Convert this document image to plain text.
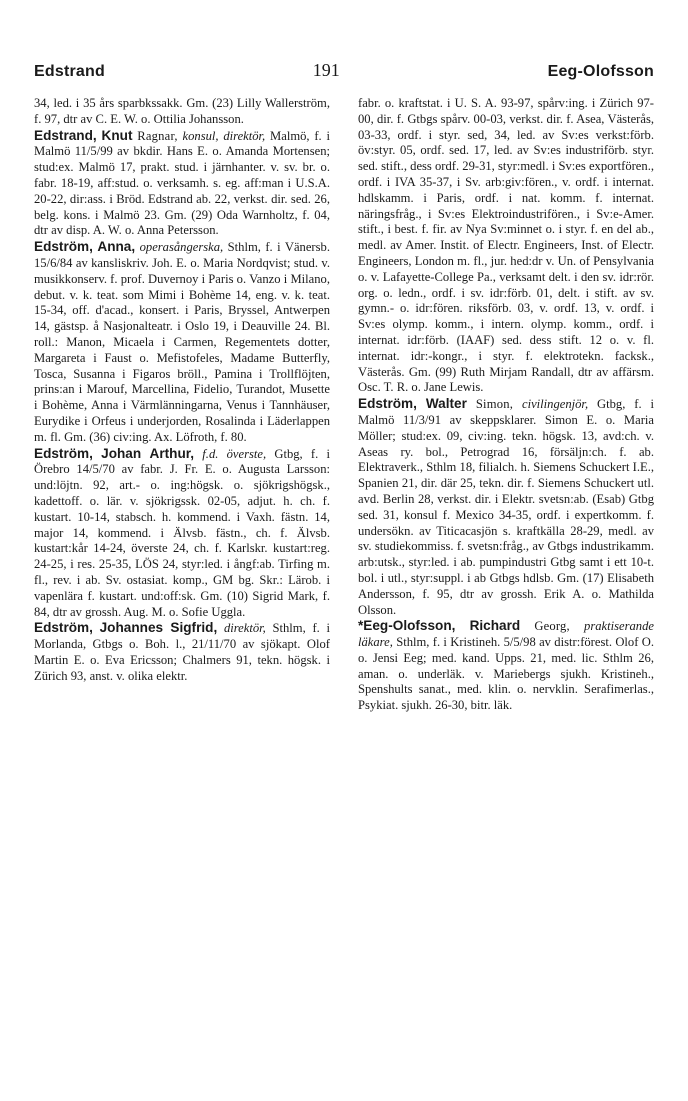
Edstrand	191	Eeg-Olofsson

34, led. i 35 års sparbkssakk. Gm. (23) Lilly Wallerström, f. 97, dtr av C. E. W. o. Ottilia Johansson.

Edstrand, Knut Ragnar, konsul, direktör, Malmö, f. i Malmö 11/5/99 av bkdir. Hans E. o. Amanda Mortensen; stud:ex. Malmö 17, prakt. stud. i järnhanter. v. sv. br. o. fabr. 18-19, aff:stud. o. verksamh. s. eg. aff:man i U.S.A. 20-22, dir:ass. i Bröd. Edstrand ab. 22, verkst. dir. sed. 26, belg. kons. i Malmö 23. Gm. (29) Oda Warnholtz, f. 04, dtr av disp. A. W. o. Anna Petersson.

Edström, Anna, operasångerska, Sthlm, f. i Vänersb. 15/6/84 av kansliskriv. Joh. E. o. Maria Nordqvist; stud. v. musikkonserv. f. prof. Duvernoy i Paris o. Vanzo i Milano, debut. v. k. teat. som Mimi i Bohème 14, eng. v. k. teat. 15-34, off. d'acad., konsert. i Paris, Bryssel, Antwerpen 14, gästsp. å Nasjonalteatr. i Oslo 19, i Deauville 24. Bl. roll.: Manon, Micaela i Carmen, Regementets dotter, Margareta i Faust o. Mefistofeles, Madame Butterfly, Tosca, Susanna i Figaros bröll., Pamina i Trollflöjten, prins:an i Marouf, Marcellina, Fidelio, Turandot, Musette i Bohème, Anna i Värmlänningarna, Venus i Tannhäuser, Eurydike i Orfeus i underjorden, Rosalinda i Läderlappen m. fl. Gm. (36) civ:ing. Ax. Löfroth, f. 80.

Edström, Johan Arthur, f.d. överste, Gtbg, f. i Örebro 14/5/70 av fabr. J. Fr. E. o. Augusta Larsson: und:löjtn. 92, art.- o. ing:högsk. o. sjökrigshögsk., kadettoff. o. lär. v. sjökrigssk. 02-05, adjut. h. ch. f. kustart. 10-14, stabsch. h. kommend. i Vaxh. fästn. 14, major 14, kommend. i Älvsb. fästn., ch. f. Älvsb. kustart:kår 14-24, överste 24, ch. f. Karlskr. kustart:reg. 24-25, i res. 25-35, LÖS 24, styr:led. i ångf:ab. Tirfing m. fl., rev. i ab. Sv. ostasiat. komp., GM bg. Skr.: Lärob. i vapenlära f. kustart. und:off:sk. Gm. (10) Sigrid Mark, f. 84, dtr av grossh. Aug. M. o. Sofie Uggla.

Edström, Johannes Sigfrid, direktör, Sthlm, f. i Morlanda, Gtbgs o. Boh. l., 21/11/70 av sjökapt. Olof Martin E. o. Eva Ericsson; Chalmers 91, tekn. högsk. i Zürich 93, anst. v. olika elektr.

fabr. o. kraftstat. i U. S. A. 93-97, spårv:ing. i Zürich 97-00, dir. f. Gtbgs spårv. 00-03, verkst. dir. f. Asea, Västerås, 03-33, ordf. i styr. sed, 34, led. av Sv:es verkst:förb. öv:styr. 05, ordf. sed. 17, led. av Sv:es industriförb. styr. sed. stift., dess ordf. 29-31, styr:medl. i Sv:es exportfören., ordf. i IVA 35-37, i Sv. arb:giv:fören., v. ordf. i internat. hdlskamm. i Paris, ordf. i nat. komm. f. internat. näringsfråg., i Sv:es Elektroindustrifören., i Sv:e-Amer. stift., i best. f. fir. av Nya Sv:minnet o. i styr. f. en del ab., medl. av Amer. Instit. of Electr. Engineers, Inst. of Electr. Engineers, London m. fl., jur. hed:dr v. Un. of Pensylvania o. v. Lafayette-College Pa., verksamt delt. i den sv. idr:rör. org. o. ledn., ordf. i sv. idr:förb. 01, delt. i stift. av sv. gymn.- o. idr:fören. riksförb. 03, v. ordf. 13, v. ordf. i Sv:es olymp. komm., i intern. olymp. komm., ordf. i internat. idr:förb. (IAAF) sed. dess stift. 12 o. v. fl. internat. idr:-kongr., i styr. f. elektrotekn. facksk., Västerås. Gm. (99) Ruth Mirjam Randall, dtr av affärsm. Osc. T. R. o. Jane Lewis.

Edström, Walter Simon, civilingenjör, Gtbg, f. i Malmö 11/3/91 av skeppsklarer. Simon E. o. Maria Möller; stud:ex. 09, civ:ing. tekn. högsk. 13, avd:ch. v. Aseas ry. bol., Petrograd 16, försäljn:ch. f. ab. Elektraverk., Sthlm 18, filialch. h. Siemens Schuckert I.E., Spanien 21, dir. där 25, tekn. dir. f. Siemens Schuckert utl. avd. Berlin 28, verkst. dir. i Elektr. svetsn:ab. (Esab) Gtbg sed. 31, konsul f. Mexico 34-35, ordf. i expertkomm. f. undersökn. av Titicacasjön s. kraftkälla 28-29, medl. av sv. studiekommiss. f. svetsn:fråg., av Gtbgs industrikamm. arb:utsk., styr:led. i ab. pumpindustri Gtbg samt i ett 10-t. bol. i utl., styr:suppl. i ab Gtbgs hdlsb. Gm. (17) Elisabeth Andersson, f. 95, dtr av grossh. Erik A. o. Mathilda Olsson.

*Eeg-Olofsson, Richard Georg, praktiserande läkare, Sthlm, f. i Kristineh. 5/5/98 av distr:förest. Olof O. o. Jensi Eeg; med. kand. Upps. 21, med. lic. Sthlm 26, aman. o. underläk. v. Mariebergs sjukh. Kristineh., Spenshults sanat., med. klin. o. nervklin. Serafimerlas., Psykiat. sjukh. 26-30, bitr. läk.
